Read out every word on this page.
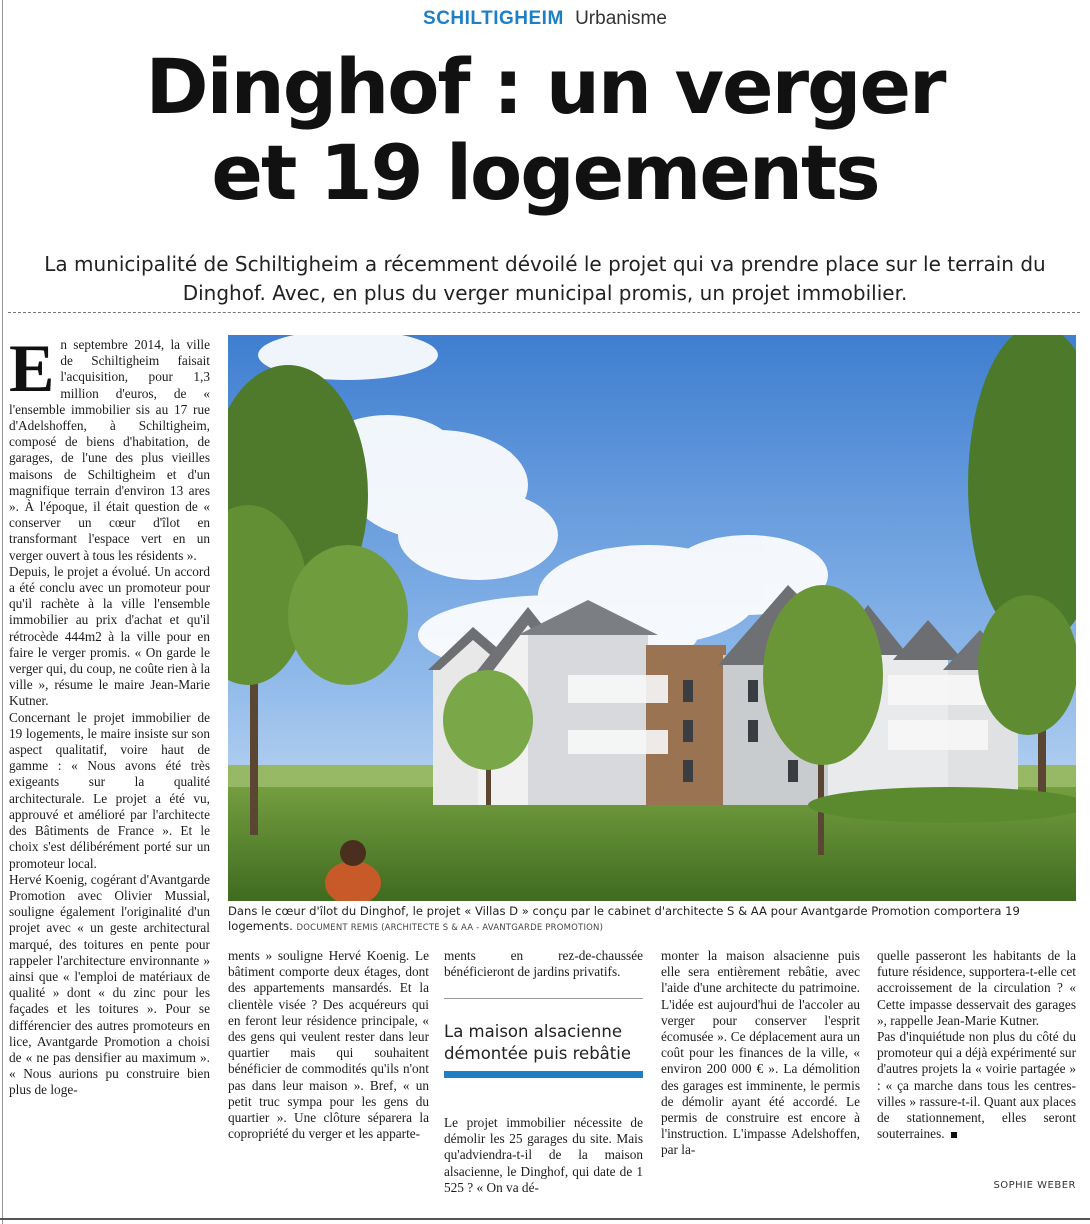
SCHILTIGHEIM Urbanisme
Dinghof : un verger
et 19 logements

La municipalité de Schiltigheim a récemment dévoilé le projet qui va prendre place sur le terrain du Dinghof. Avec, en plus du verger municipal promis, un projet immobilier.

En septembre 2014, la ville de Schiltigheim faisait l'acquisition, pour 1,3 million d'euros, de « l'ensemble immobilier sis au 17 rue d'Adelshoffen, à Schiltigheim, composé de biens d'habitation, de garages, de l'une des plus vieilles maisons de Schiltigheim et d'un magnifique terrain d'environ 13 ares ». À l'époque, il était question de « conserver un cœur d'îlot en transformant l'espace vert en un verger ouvert à tous les résidents ».

Depuis, le projet a évolué. Un accord a été conclu avec un promoteur pour qu'il rachète à la ville l'ensemble immobilier au prix d'achat et qu'il rétrocède 444m2 à la ville pour en faire le verger promis. « On garde le verger qui, du coup, ne coûte rien à la ville », résume le maire Jean-Marie Kutner.

Concernant le projet immobilier de 19 logements, le maire insiste sur son aspect qualitatif, voire haut de gamme : « Nous avons été très exigeants sur la qualité architecturale. Le projet a été vu, approuvé et amélioré par l'architecte des Bâtiments de France ». Et le choix s'est délibérément porté sur un promoteur local.

Hervé Koenig, cogérant d'Avantgarde Promotion avec Olivier Mussial, souligne également l'originalité d'un projet avec « un geste architectural marqué, des toitures en pente pour rappeler l'architecture environnante » ainsi que « l'emploi de matériaux de qualité » dont « du zinc pour les façades et les toitures ». Pour se différencier des autres promoteurs en lice, Avantgarde Promotion a choisi de « ne pas densifier au maximum ». « Nous aurions pu construire bien plus de loge-

Dans le cœur d'îlot du Dinghof, le projet « Villas D » conçu par le cabinet d'architecte S & AA pour Avantgarde Promotion comportera 19 logements. DOCUMENT REMIS (ARCHITECTE S & AA - AVANTGARDE PROMOTION)

ments » souligne Hervé Koenig. Le bâtiment comporte deux étages, dont des appartements mansardés. Et la clientèle visée ? Des acquéreurs qui en feront leur résidence principale, « des gens qui veulent rester dans leur quartier mais qui souhaitent bénéficier de commodités qu'ils n'ont pas dans leur maison ». Bref, « un petit truc sympa pour les gens du quartier ». Une clôture séparera la copropriété du verger et les apparte-

ments en rez-de-chaussée bénéficieront de jardins privatifs.

La maison alsacienne démontée puis rebâtie

Le projet immobilier nécessite de démolir les 25 garages du site. Mais qu'adviendra-t-il de la maison alsacienne, le Dinghof, qui date de 1 525 ? « On va dé-

monter la maison alsacienne puis elle sera entièrement rebâtie, avec l'aide d'une architecte du patrimoine. L'idée est aujourd'hui de l'accoler au verger pour conserver l'esprit écomusée ». Ce déplacement aura un coût pour les finances de la ville, « environ 200 000 € ». La démolition des garages est imminente, le permis de démolir ayant été accordé. Le permis de construire est encore à l'instruction. L'impasse Adelshoffen, par la-

quelle passeront les habitants de la future résidence, supportera-t-elle cet accroissement de la circulation ? « Cette impasse desservait des garages », rappelle Jean-Marie Kutner.

Pas d'inquiétude non plus du côté du promoteur qui a déjà expérimenté sur d'autres projets la « voirie partagée » : « ça marche dans tous les centres-villes » rassure-t-il. Quant aux places de stationnement, elles seront souterraines.

SOPHIE WEBER
